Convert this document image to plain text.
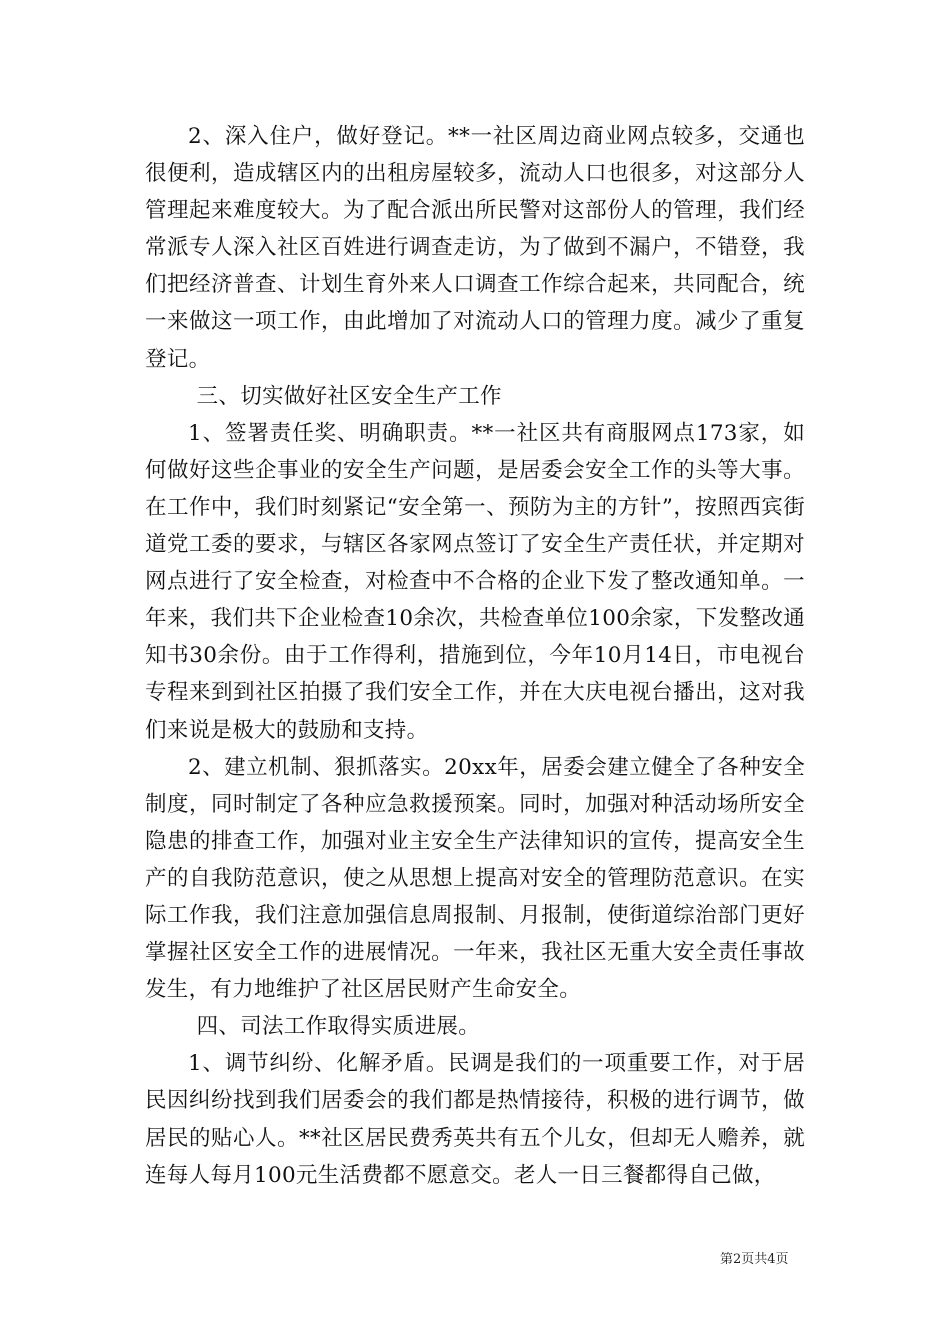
2、深入住户，做好登记。**一社区周边商业网点较多，交通也很便利，造成辖区内的出租房屋较多，流动人口也很多，对这部分人管理起来难度较大。为了配合派出所民警对这部份人的管理，我们经常派专人深入社区百姓进行调查走访，为了做到不漏户，不错登，我们把经济普查、计划生育外来人口调查工作综合起来，共同配合，统一来做这一项工作，由此增加了对流动人口的管理力度。减少了重复登记。

三、切实做好社区安全生产工作

1、签署责任奖、明确职责。**一社区共有商服网点173家，如何做好这些企事业的安全生产问题，是居委会安全工作的头等大事。在工作中，我们时刻紧记“安全第一、预防为主的方针”，按照西宾街道党工委的要求，与辖区各家网点签订了安全生产责任状，并定期对网点进行了安全检查，对检查中不合格的企业下发了整改通知单。一年来，我们共下企业检查10余次，共检查单位100余家，下发整改通知书30余份。由于工作得利，措施到位，今年10月14日，市电视台专程来到到社区拍摄了我们安全工作，并在大庆电视台播出，这对我们来说是极大的鼓励和支持。

2、建立机制、狠抓落实。20xx年，居委会建立健全了各种安全制度，同时制定了各种应急救援预案。同时，加强对种活动场所安全隐患的排查工作，加强对业主安全生产法律知识的宣传，提高安全生产的自我防范意识，使之从思想上提高对安全的管理防范意识。在实际工作我，我们注意加强信息周报制、月报制，使街道综治部门更好掌握社区安全工作的进展情况。一年来，我社区无重大安全责任事故发生，有力地维护了社区居民财产生命安全。

四、司法工作取得实质进展。

1、调节纠纷、化解矛盾。民调是我们的一项重要工作，对于居民因纠纷找到我们居委会的我们都是热情接待，积极的进行调节，做居民的贴心人。**社区居民费秀英共有五个儿女，但却无人赡养，就连每人每月100元生活费都不愿意交。老人一日三餐都得自己做，

第2页共4页
